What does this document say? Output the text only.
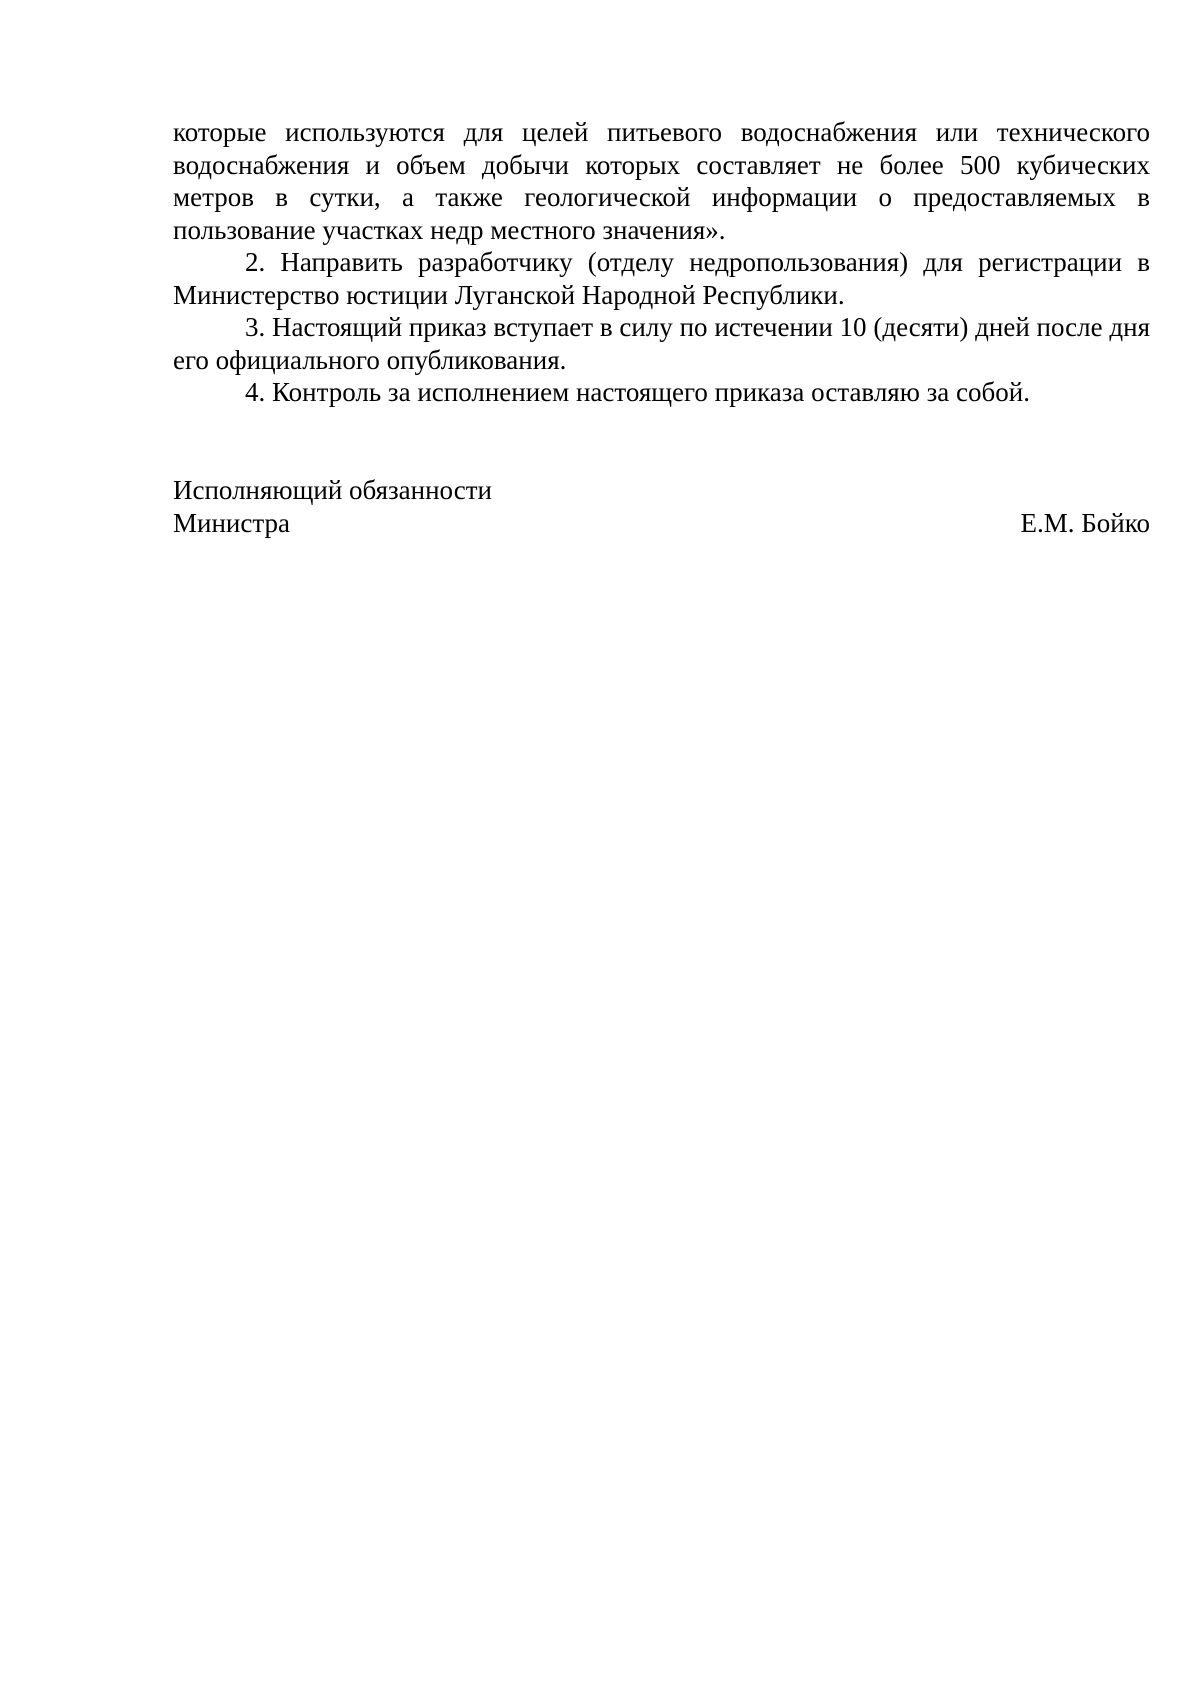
которые используются для целей питьевого водоснабжения или технического водоснабжения и объем добычи которых составляет не более 500 кубических метров в сутки, а также геологической информации о предоставляемых в пользование участках недр местного значения».

2. Направить разработчику (отделу недропользования) для регистрации в Министерство юстиции Луганской Народной Республики.

3. Настоящий приказ вступает в силу по истечении 10 (десяти) дней после дня его официального опубликования.

4. Контроль за исполнением настоящего приказа оставляю за собой.

Исполняющий обязанности
Министра	Е.М. Бойко
